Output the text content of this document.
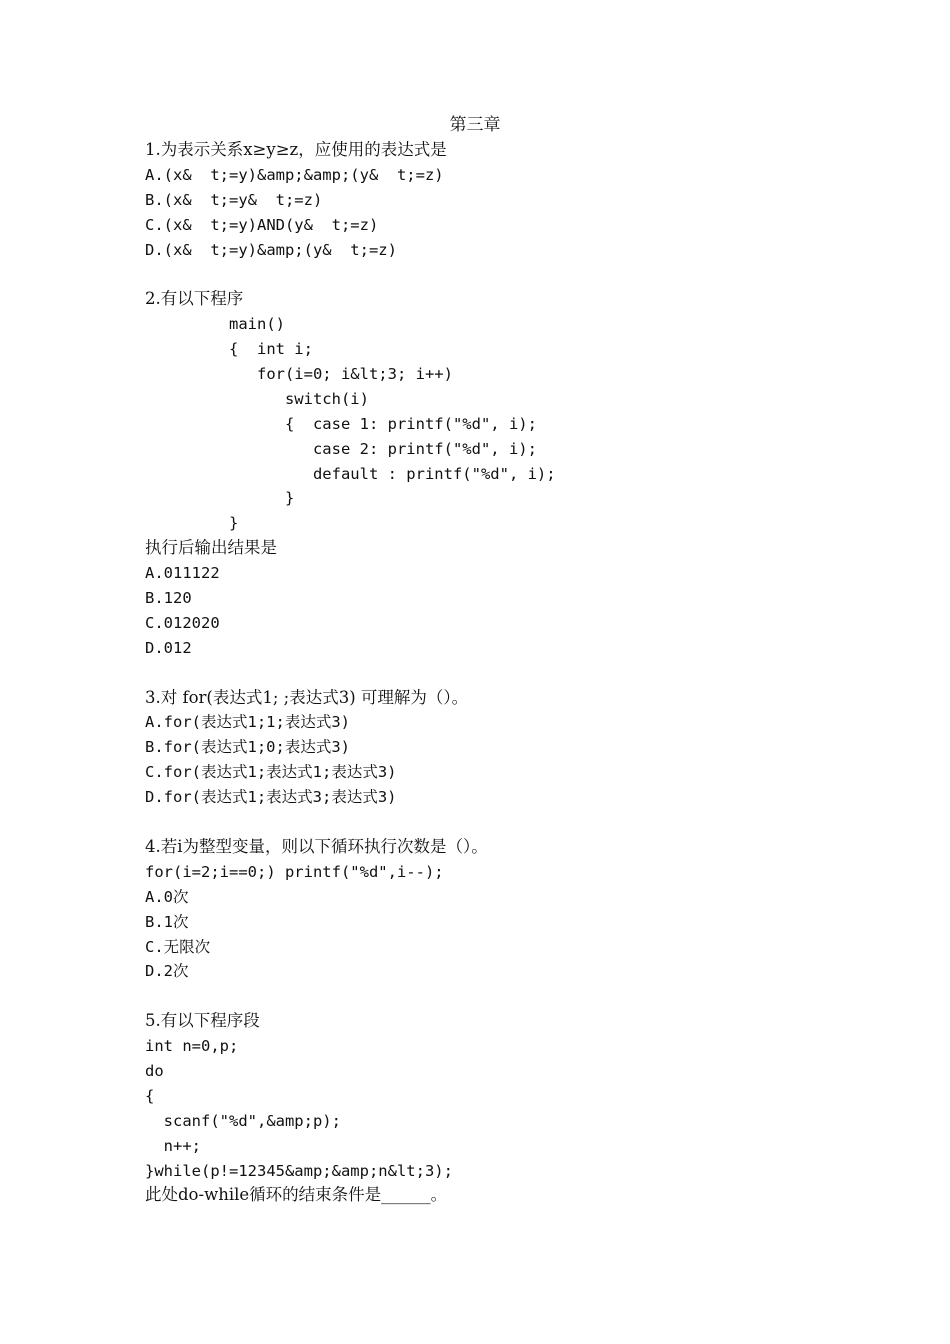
第三章
1.为表示关系x≥y≥z，应使用的表达式是
A.(x&  t;=y)&amp;&amp;(y&  t;=z)
B.(x&  t;=y&  t;=z)
C.(x&  t;=y)AND(y&  t;=z)
D.(x&  t;=y)&amp;(y&  t;=z)
2.有以下程序
main()
{  int i;
for(i=0; i&lt;3; i++)
switch(i)
{  case 1: printf("%d", i);
case 2: printf("%d", i);
default : printf("%d", i);
}
}
执行后输出结果是
A.011122
B.120
C.012020
D.012
3.对 for(表达式1; ;表达式3) 可理解为（）。
A.for(表达式1;1;表达式3)
B.for(表达式1;0;表达式3)
C.for(表达式1;表达式1;表达式3)
D.for(表达式1;表达式3;表达式3)
4.若i为整型变量，则以下循环执行次数是（）。
for(i=2;i==0;) printf("%d",i--);
A.0次
B.1次
C.无限次
D.2次
5.有以下程序段
int n=0,p;
do
{
scanf("%d",&amp;p);
n++;
}while(p!=12345&amp;&amp;n&lt;3);
此处do-while循环的结束条件是______。
